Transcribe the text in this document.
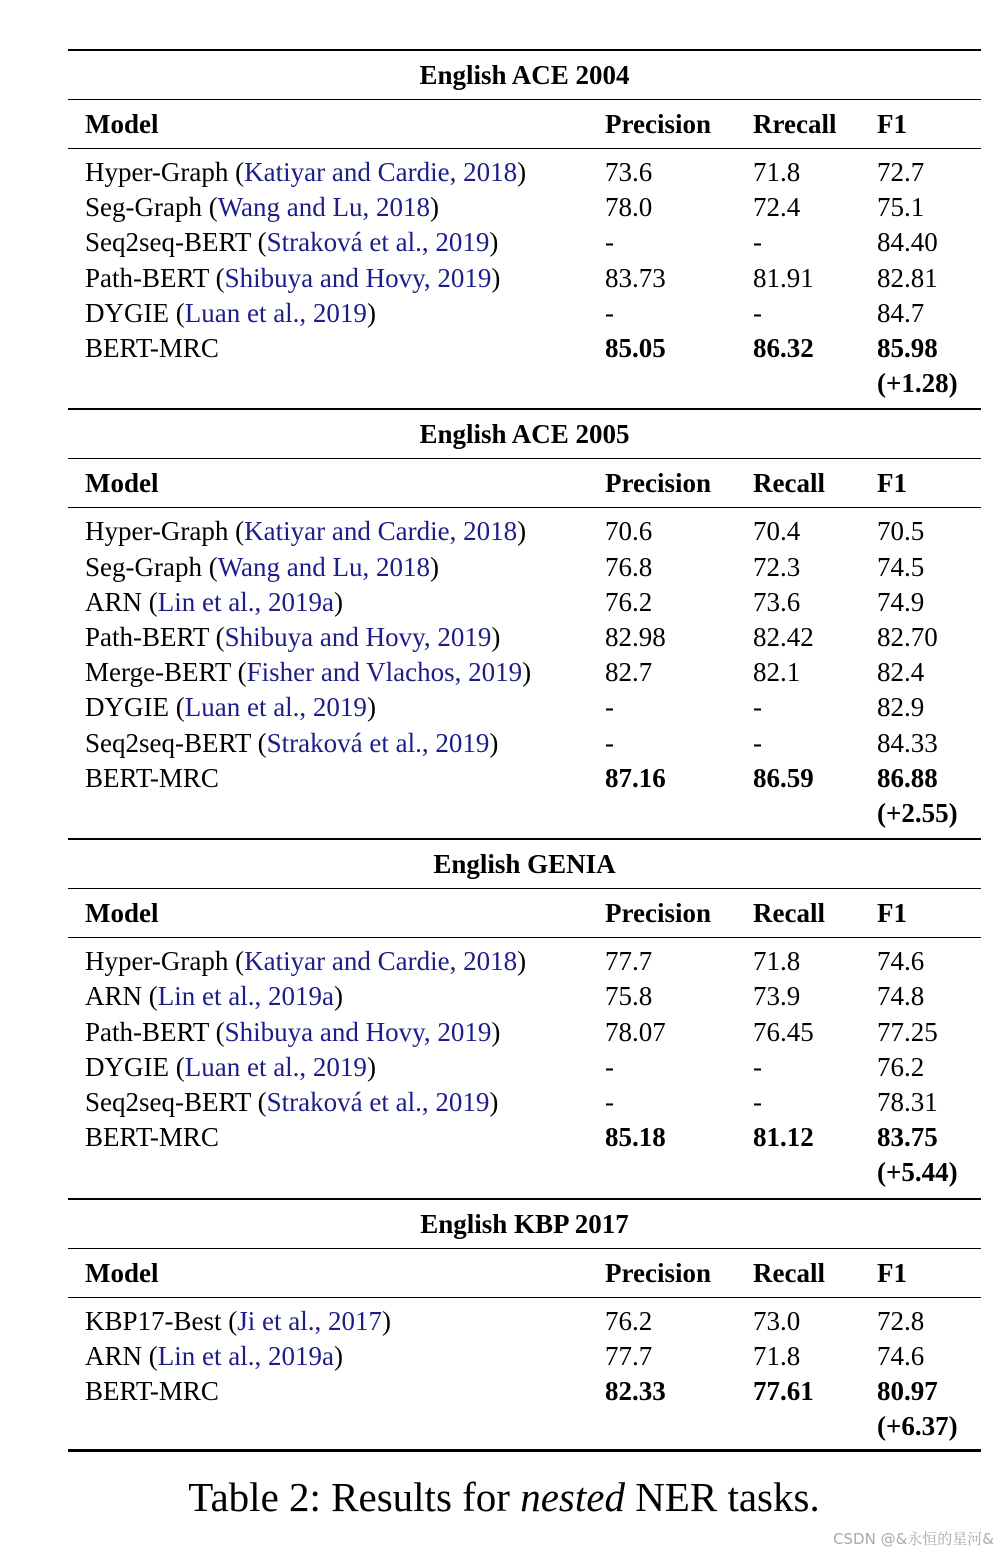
English ACE 2004
Model	Precision Rrecall F1
Hyper-Graph (Katiyar and Cardie, 2018)	73.6	71.8	72.7
Seg-Graph (Wang and Lu, 2018)	78.0	72.4	75.1
Seq2seq-BERT (Straková et al., 2019)	-	-	84.40
Path-BERT (Shibuya and Hovy, 2019)	83.73	81.91 82.81
DYGIE (Luan et al., 2019)	-	-	84.7
BERT-MRC	85.05	86.32 85.98
(+1.28)
English ACE 2005
Model	Precision Recall F1
Hyper-Graph (Katiyar and Cardie, 2018)	70.6	70.4	70.5
Seg-Graph (Wang and Lu, 2018)	76.8	72.3	74.5
ARN (Lin et al., 2019a)	76.2	73.6	74.9
Path-BERT (Shibuya and Hovy, 2019)	82.98	82.42 82.70
Merge-BERT (Fisher and Vlachos, 2019)	82.7	82.1	82.4
DYGIE (Luan et al., 2019)	-	-	82.9
Seq2seq-BERT (Straková et al., 2019)	-	-	84.33
BERT-MRC	87.16	86.59 86.88
(+2.55)
English GENIA
Model	Precision Recall F1
Hyper-Graph (Katiyar and Cardie, 2018)	77.7	71.8	74.6
ARN (Lin et al., 2019a)	75.8	73.9	74.8
Path-BERT (Shibuya and Hovy, 2019)	78.07	76.45 77.25
DYGIE (Luan et al., 2019)	-	-	76.2
Seq2seq-BERT (Straková et al., 2019)	-	-	78.31
BERT-MRC	85.18	81.12 83.75
(+5.44)
English KBP 2017
Model	Precision Recall F1
KBP17-Best (Ji et al., 2017)	76.2	73.0	72.8
ARN (Lin et al., 2019a)	77.7	71.8	74.6
BERT-MRC	82.33	77.61 80.97
(+6.37)
Table 2: Results for nested NER tasks.
CSDN @&永恒的星河&
